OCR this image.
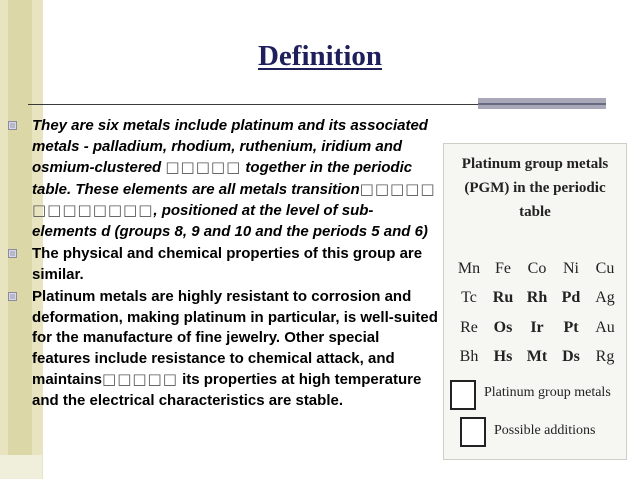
Definition
They are six metals include platinum and its associated metals - palladium, rhodium, ruthenium, iridium and osmium-clustered □□□□□ together in the periodic table. These elements are all metals transition□□□□□ □□□□□□□□, positioned at the level of sub-elements d (groups 8, 9 and 10 and the periods 5 and 6)
The physical and chemical properties of this group are similar.
Platinum metals are highly resistant to corrosion and deformation, making platinum in particular, is well-suited for the manufacture of fine jewelry. Other special features include resistance to chemical attack, and maintains□□□□□ its properties at high temperature and the electrical characteristics are stable.
Platinum group metals
(PGM) in the periodic
table
Mn Fe	Co	Ni	Cu
Tc Ru Rh Pd Ag
Re Os	Ir	Pt	Au
Bh Hs Mt Ds Rg
Platinum group metals
Possible additions
